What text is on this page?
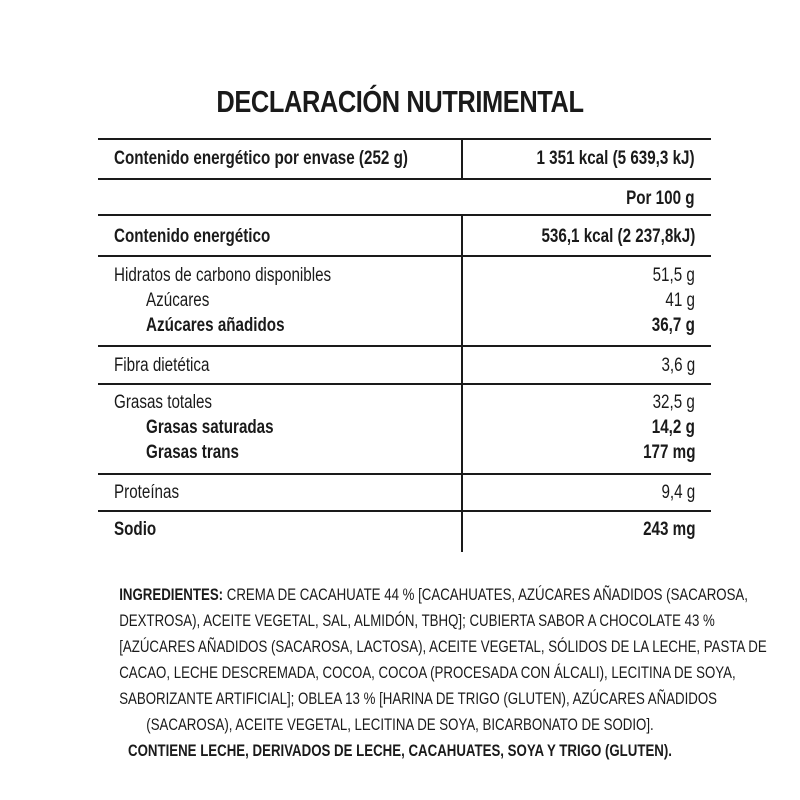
DECLARACIÓN NUTRIMENTAL
Contenido energético por envase (252 g)	1 351 kcal (5 639,3 kJ)
Por 100 g
Contenido energético	536,1 kcal (2 237,8kJ)
Hidratos de carbono disponibles	51,5 g
Azúcares	41 g
Azúcares añadidos	36,7 g
Fibra dietética	3,6 g
Grasas totales	32,5 g
Grasas saturadas	14,2 g
Grasas trans	177 mg
Proteínas	9,4 g
Sodio	243 mg
INGREDIENTES: CREMA DE CACAHUATE 44 % [CACAHUATES, AZÚCARES AÑADIDOS (SACAROSA,
DEXTROSA), ACEITE VEGETAL, SAL, ALMIDÓN, TBHQ]; CUBIERTA SABOR A CHOCOLATE 43 %
[AZÚCARES AÑADIDOS (SACAROSA, LACTOSA), ACEITE VEGETAL, SÓLIDOS DE LA LECHE, PASTA DE
CACAO, LECHE DESCREMADA, COCOA, COCOA (PROCESADA CON ÁLCALI), LECITINA DE SOYA,
SABORIZANTE ARTIFICIAL]; OBLEA 13 % [HARINA DE TRIGO (GLUTEN), AZÚCARES AÑADIDOS
(SACAROSA), ACEITE VEGETAL, LECITINA DE SOYA, BICARBONATO DE SODIO].
CONTIENE LECHE, DERIVADOS DE LECHE, CACAHUATES, SOYA Y TRIGO (GLUTEN).
